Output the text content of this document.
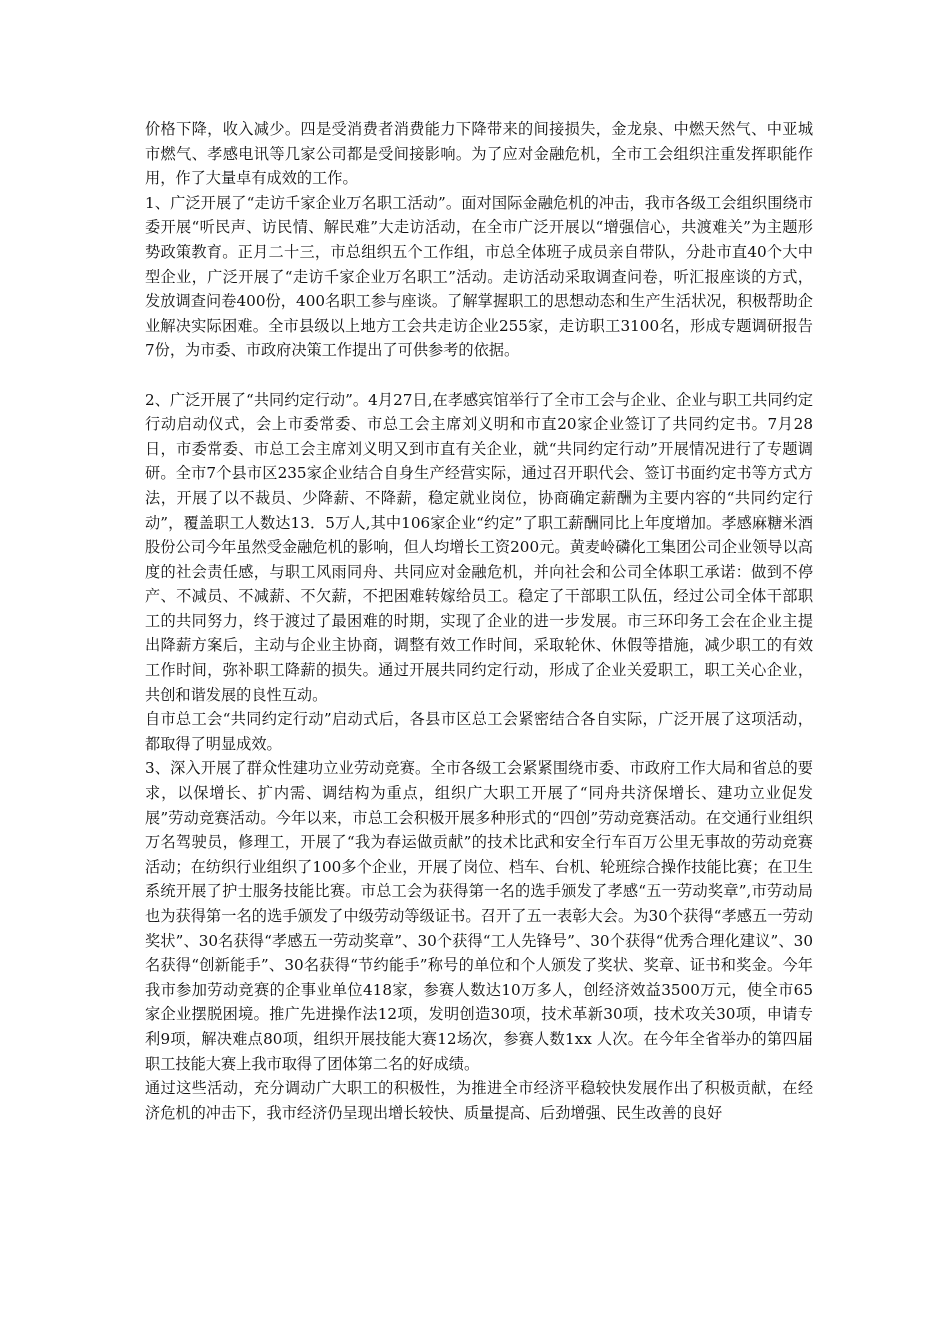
价格下降，收入减少。四是受消费者消费能力下降带来的间接损失，金龙泉、中燃天然气、中亚城市燃气、孝感电讯等几家公司都是受间接影响。为了应对金融危机，全市工会组织注重发挥职能作用，作了大量卓有成效的工作。

1、广泛开展了“走访千家企业万名职工活动”。面对国际金融危机的冲击，我市各级工会组织围绕市委开展“听民声、访民情、解民难”大走访活动，在全市广泛开展以“增强信心，共渡难关”为主题形势政策教育。正月二十三，市总组织五个工作组，市总全体班子成员亲自带队，分赴市直40个大中型企业，广泛开展了“走访千家企业万名职工”活动。走访活动采取调查问卷，听汇报座谈的方式，发放调查问卷400份，400名职工参与座谈。了解掌握职工的思想动态和生产生活状况，积极帮助企业解决实际困难。全市县级以上地方工会共走访企业255家，走访职工3100名，形成专题调研报告7份，为市委、市政府决策工作提出了可供参考的依据。

2、广泛开展了“共同约定行动”。4月27日,在孝感宾馆举行了全市工会与企业、企业与职工共同约定行动启动仪式，会上市委常委、市总工会主席刘义明和市直20家企业签订了共同约定书。7月28日，市委常委、市总工会主席刘义明又到市直有关企业，就“共同约定行动”开展情况进行了专题调研。全市7个县市区235家企业结合自身生产经营实际，通过召开职代会、签订书面约定书等方式方法，开展了以不裁员、少降薪、不降薪，稳定就业岗位，协商确定薪酬为主要内容的“共同约定行动”，覆盖职工人数达13．5万人,其中106家企业“约定”了职工薪酬同比上年度增加。孝感麻糖米酒股份公司今年虽然受金融危机的影响，但人均增长工资200元。黄麦岭磷化工集团公司企业领导以高度的社会责任感，与职工风雨同舟、共同应对金融危机，并向社会和公司全体职工承诺：做到不停产、不减员、不减薪、不欠薪，不把困难转嫁给员工。稳定了干部职工队伍，经过公司全体干部职工的共同努力，终于渡过了最困难的时期，实现了企业的进一步发展。市三环印务工会在企业主提出降薪方案后，主动与企业主协商，调整有效工作时间，采取轮休、休假等措施，减少职工的有效工作时间，弥补职工降薪的损失。通过开展共同约定行动，形成了企业关爱职工，职工关心企业，共创和谐发展的良性互动。

自市总工会“共同约定行动”启动式后，各县市区总工会紧密结合各自实际，广泛开展了这项活动，都取得了明显成效。

3、深入开展了群众性建功立业劳动竞赛。全市各级工会紧紧围绕市委、市政府工作大局和省总的要求，以保增长、扩内需、调结构为重点，组织广大职工开展了“同舟共济保增长、建功立业促发展”劳动竞赛活动。今年以来，市总工会积极开展多种形式的“四创”劳动竞赛活动。在交通行业组织万名驾驶员，修理工，开展了“我为春运做贡献”的技术比武和安全行车百万公里无事故的劳动竞赛活动；在纺织行业组织了100多个企业，开展了岗位、档车、台机、轮班综合操作技能比赛；在卫生系统开展了护士服务技能比赛。市总工会为获得第一名的选手颁发了孝感“五一劳动奖章”,市劳动局也为获得第一名的选手颁发了中级劳动等级证书。召开了五一表彰大会。为30个获得“孝感五一劳动奖状”、30名获得“孝感五一劳动奖章”、30个获得“工人先锋号”、30个获得“优秀合理化建议”、30名获得“创新能手”、30名获得“节约能手”称号的单位和个人颁发了奖状、奖章、证书和奖金。今年我市参加劳动竞赛的企事业单位418家，参赛人数达10万多人，创经济效益3500万元，使全市65家企业摆脱困境。推广先进操作法12项，发明创造30项，技术革新30项，技术攻关30项，申请专利9项，解决难点80项，组织开展技能大赛12场次，参赛人数1xx 人次。在今年全省举办的第四届职工技能大赛上我市取得了团体第二名的好成绩。

通过这些活动，充分调动广大职工的积极性，为推进全市经济平稳较快发展作出了积极贡献，在经济危机的冲击下，我市经济仍呈现出增长较快、质量提高、后劲增强、民生改善的良好
